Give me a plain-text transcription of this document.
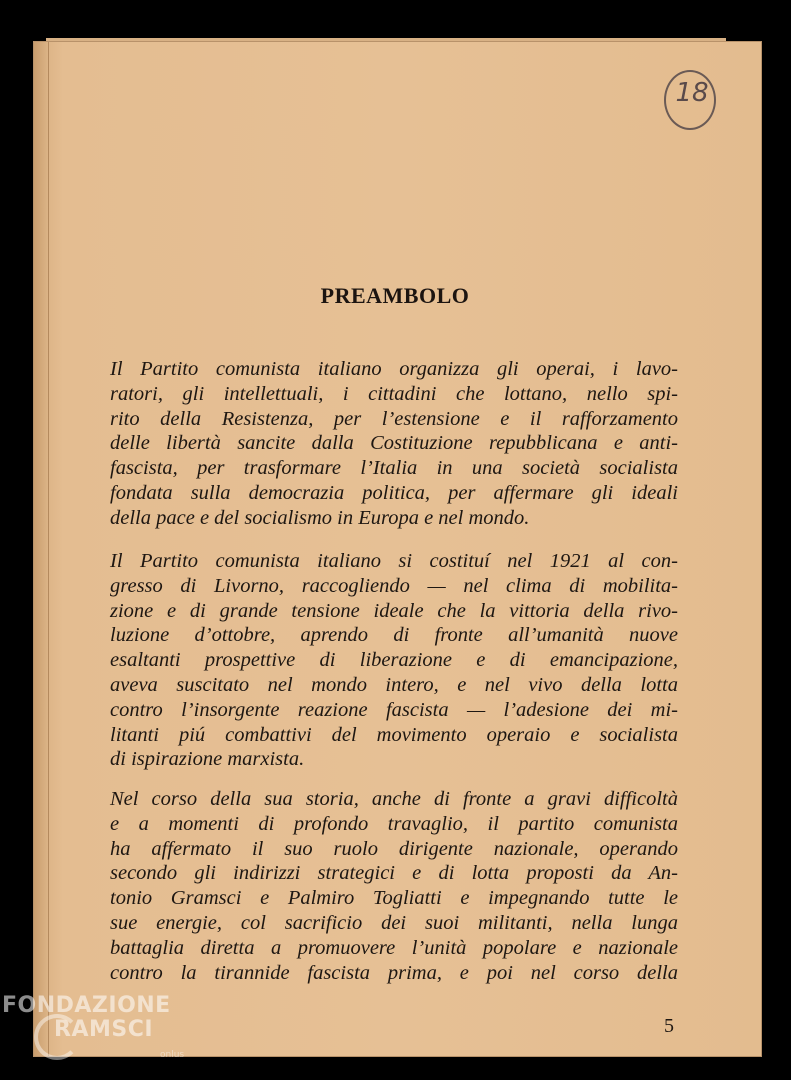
18
PREAMBOLO
Il Partito comunista italiano organizza gli operai, i lavo-
ratori, gli intellettuali, i cittadini che lottano, nello spi-
rito della Resistenza, per l’estensione e il rafforzamento
delle libertà sancite dalla Costituzione repubblicana e anti-
fascista, per trasformare l’Italia in una società socialista
fondata sulla democrazia politica, per affermare gli ideali
della pace e del socialismo in Europa e nel mondo.
Il Partito comunista italiano si costituí nel 1921 al con-
gresso di Livorno, raccogliendo — nel clima di mobilita-
zione e di grande tensione ideale che la vittoria della rivo-
luzione d’ottobre, aprendo di fronte all’umanità nuove
esaltanti prospettive di liberazione e di emancipazione,
aveva suscitato nel mondo intero, e nel vivo della lotta
contro l’insorgente reazione fascista — l’adesione dei mi-
litanti piú combattivi del movimento operaio e socialista
di ispirazione marxista.
Nel corso della sua storia, anche di fronte a gravi difficoltà
e a momenti di profondo travaglio, il partito comunista
ha affermato il suo ruolo dirigente nazionale, operando
secondo gli indirizzi strategici e di lotta proposti da An-
tonio Gramsci e Palmiro Togliatti e impegnando tutte le
sue energie, col sacrificio dei suoi militanti, nella lunga
battaglia diretta a promuovere l’unità popolare e nazionale
contro la tirannide fascista prima, e poi nel corso della
5
FONDAZIONE
RAMSCI
onlus
